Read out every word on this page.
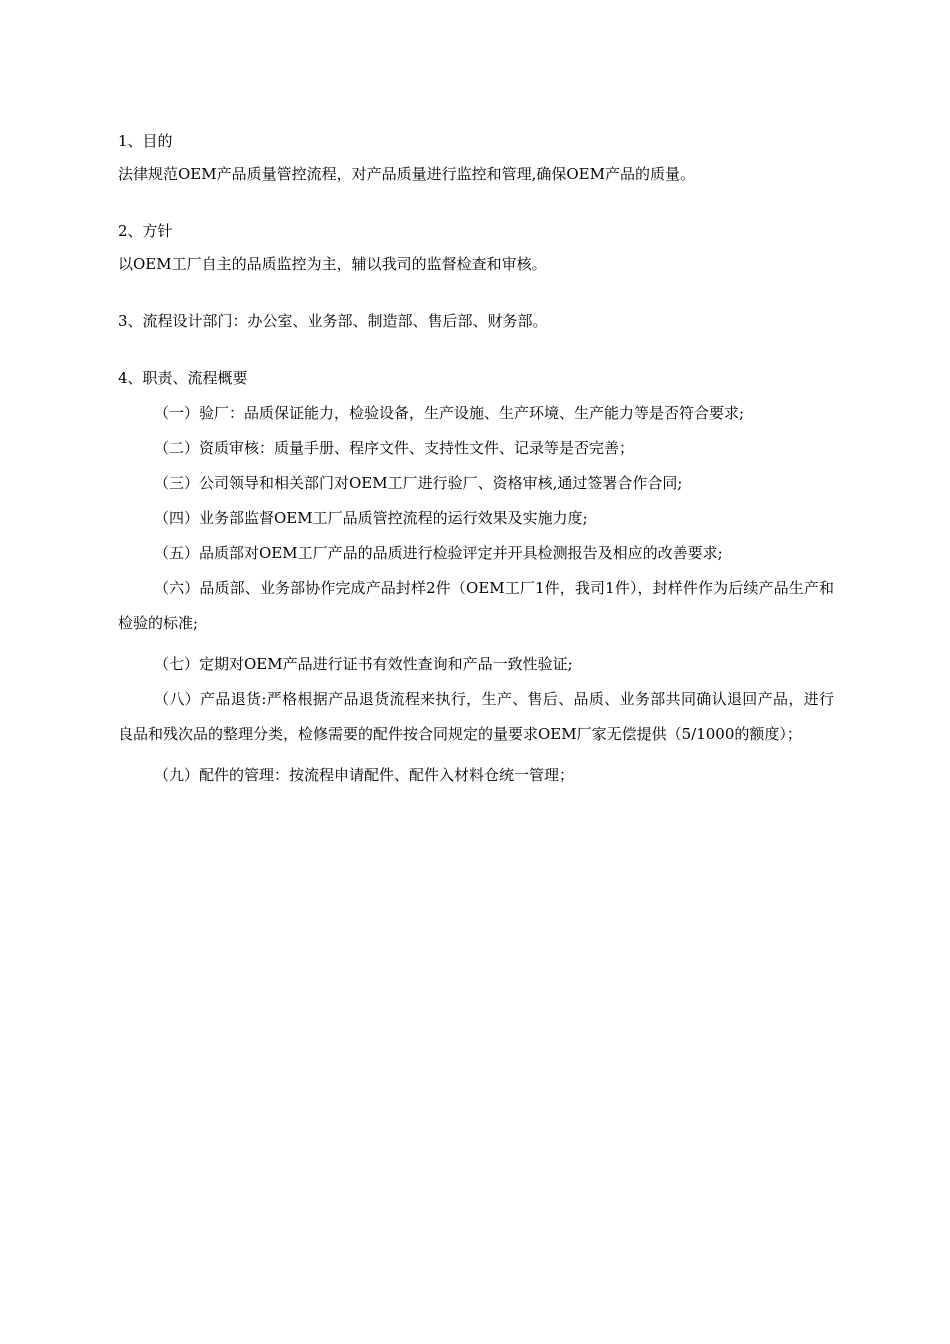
1、目的

法律规范OEM产品质量管控流程，对产品质量进行监控和管理,确保OEM产品的质量。

2、方针

以OEM工厂自主的品质监控为主，辅以我司的监督检查和审核。

3、流程设计部门：办公室、业务部、制造部、售后部、财务部。

4、职责、流程概要

（一）验厂：品质保证能力，检验设备，生产设施、生产环境、生产能力等是否符合要求;

（二）资质审核：质量手册、程序文件、支持性文件、记录等是否完善；

（三）公司领导和相关部门对OEM工厂进行验厂、资格审核,通过签署合作合同;

（四）业务部监督OEM工厂品质管控流程的运行效果及实施力度;

（五）品质部对OEM工厂产品的品质进行检验评定并开具检测报告及相应的改善要求;

（六）品质部、业务部协作完成产品封样2件（OEM工厂1件，我司1件），封样件作为后续产品生产和检验的标准;

（七）定期对OEM产品进行证书有效性查询和产品一致性验证;

（八）产品退货:严格根据产品退货流程来执行，生产、售后、品质、业务部共同确认退回产品，进行良品和残次品的整理分类，检修需要的配件按合同规定的量要求OEM厂家无偿提供（5/1000的额度）；

（九）配件的管理：按流程申请配件、配件入材料仓统一管理；
